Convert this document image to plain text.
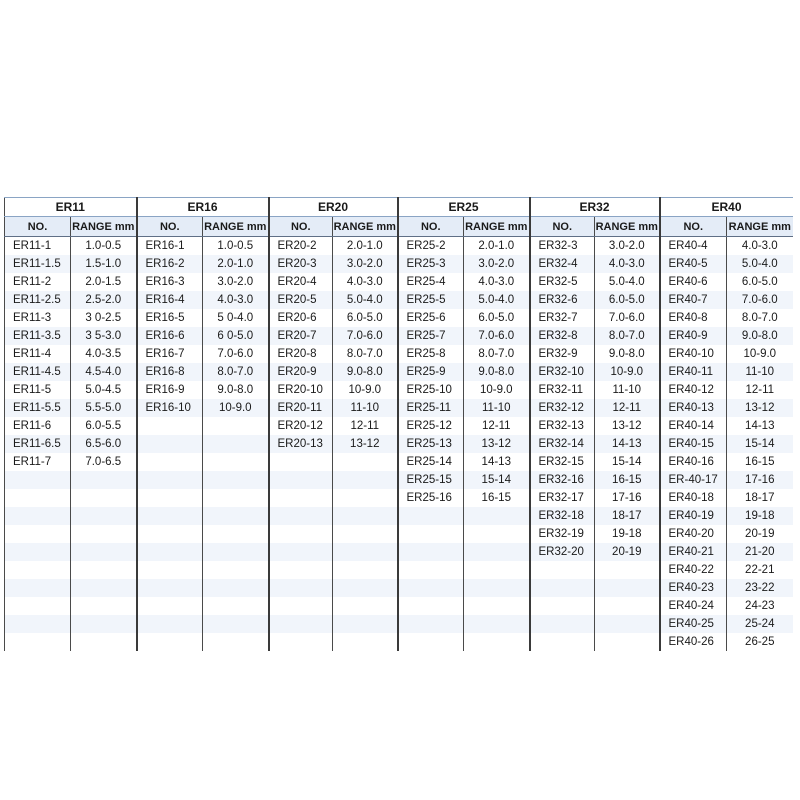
ER11		ER16		ER20		ER25		ER32		ER40	
NO.	RANGE mm	NO.	RANGE mm	NO.	RANGE mm	NO.	RANGE mm	NO.	RANGE mm	NO.	RANGE mm
ER11-1	1.0-0.5	ER16-1	1.0-0.5	ER20-2	2.0-1.0	ER25-2	2.0-1.0	ER32-3	3.0-2.0	ER40-4	4.0-3.0
ER11-1.5	1.5-1.0	ER16-2	2.0-1.0	ER20-3	3.0-2.0	ER25-3	3.0-2.0	ER32-4	4.0-3.0	ER40-5	5.0-4.0
ER11-2	2.0-1.5	ER16-3	3.0-2.0	ER20-4	4.0-3.0	ER25-4	4.0-3.0	ER32-5	5.0-4.0	ER40-6	6.0-5.0
ER11-2.5	2.5-2.0	ER16-4	4.0-3.0	ER20-5	5.0-4.0	ER25-5	5.0-4.0	ER32-6	6.0-5.0	ER40-7	7.0-6.0
ER11-3	3 0-2.5	ER16-5	5 0-4.0	ER20-6	6.0-5.0	ER25-6	6.0-5.0	ER32-7	7.0-6.0	ER40-8	8.0-7.0
ER11-3.5	3 5-3.0	ER16-6	6 0-5.0	ER20-7	7.0-6.0	ER25-7	7.0-6.0	ER32-8	8.0-7.0	ER40-9	9.0-8.0
ER11-4	4.0-3.5	ER16-7	7.0-6.0	ER20-8	8.0-7.0	ER25-8	8.0-7.0	ER32-9	9.0-8.0	ER40-10	10-9.0
ER11-4.5	4.5-4.0	ER16-8	8.0-7.0	ER20-9	9.0-8.0	ER25-9	9.0-8.0	ER32-10	10-9.0	ER40-11	11-10
ER11-5	5.0-4.5	ER16-9	9.0-8.0	ER20-10	10-9.0	ER25-10	10-9.0	ER32-11	11-10	ER40-12	12-11
ER11-5.5	5.5-5.0	ER16-10	10-9.0	ER20-11	11-10	ER25-11	11-10	ER32-12	12-11	ER40-13	13-12
ER11-6	6.0-5.5			ER20-12	12-11	ER25-12	12-11	ER32-13	13-12	ER40-14	14-13
ER11-6.5	6.5-6.0			ER20-13	13-12	ER25-13	13-12	ER32-14	14-13	ER40-15	15-14
ER11-7	7.0-6.5					ER25-14	14-13	ER32-15	15-14	ER40-16	16-15
						ER25-15	15-14	ER32-16	16-15	ER-40-17	17-16
						ER25-16	16-15	ER32-17	17-16	ER40-18	18-17
								ER32-18	18-17	ER40-19	19-18
								ER32-19	19-18	ER40-20	20-19
								ER32-20	20-19	ER40-21	21-20
										ER40-22	22-21
										ER40-23	23-22
										ER40-24	24-23
										ER40-25	25-24
										ER40-26	26-25
